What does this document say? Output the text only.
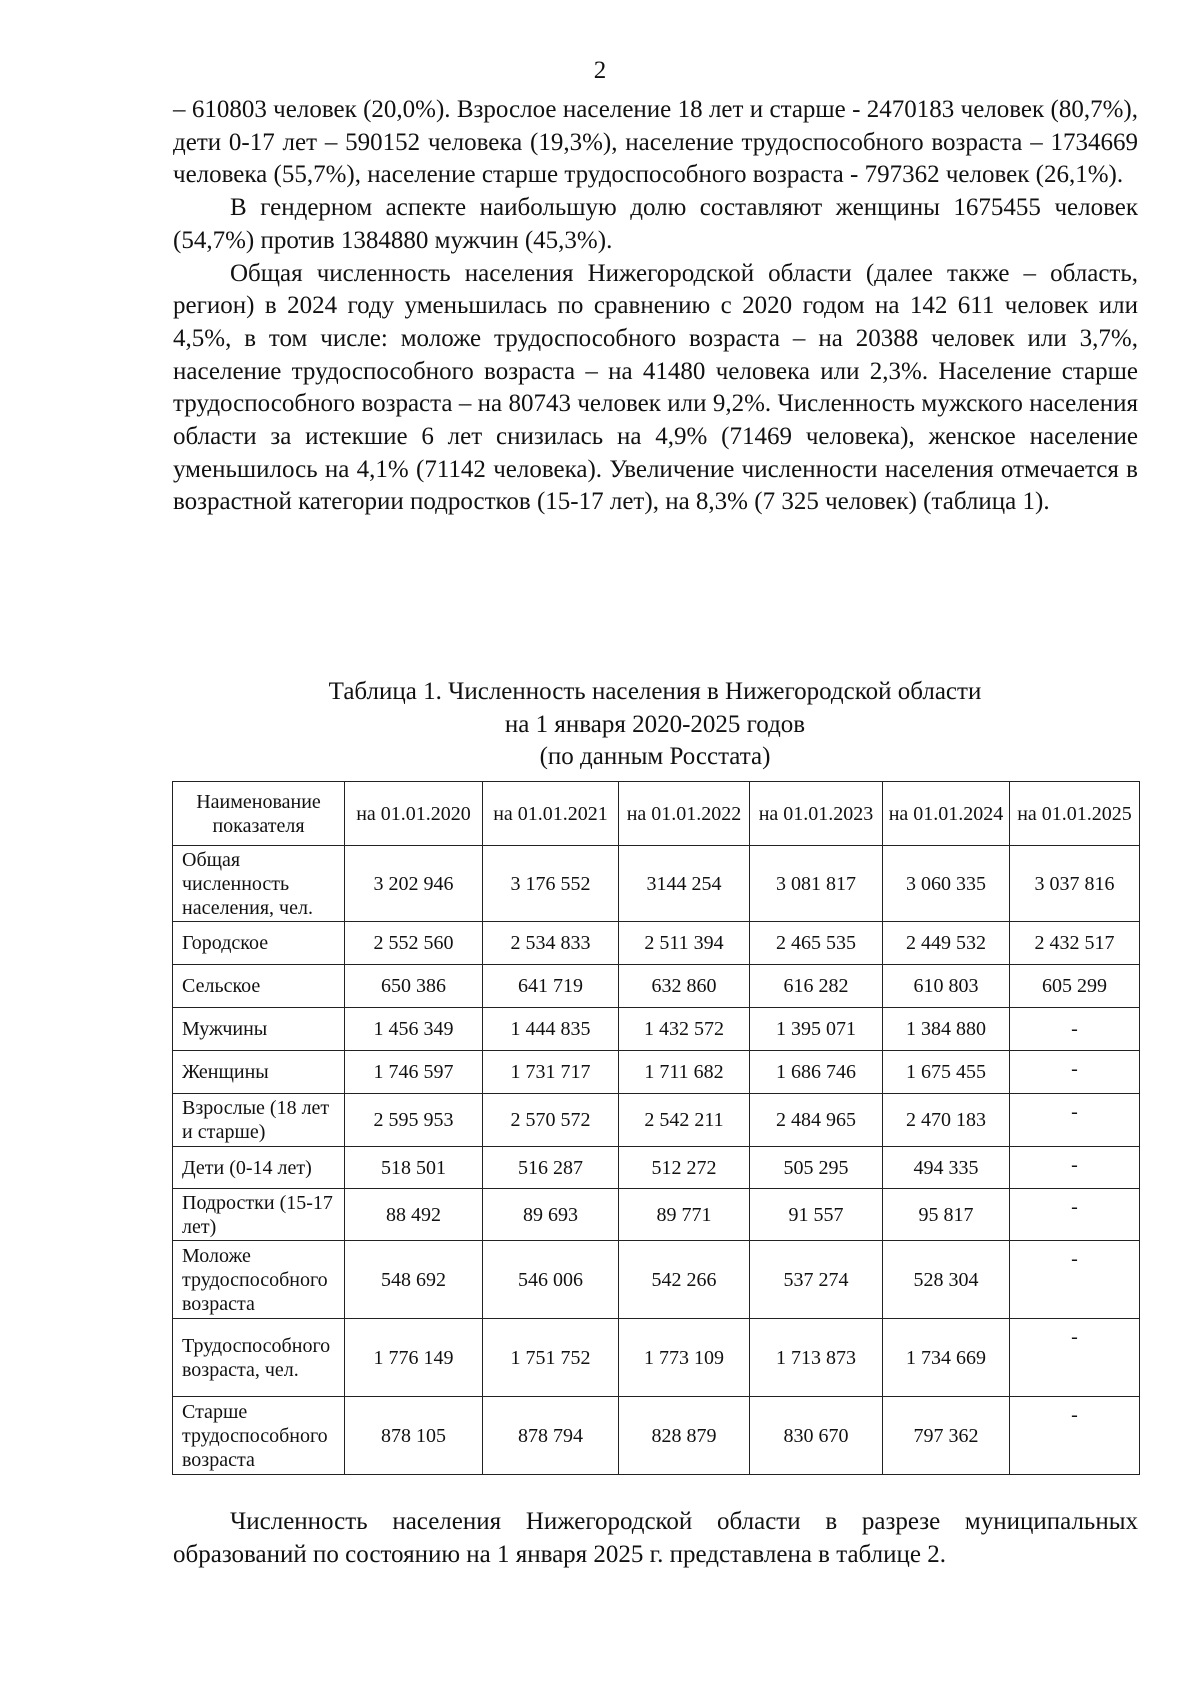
2

– 610803 человек (20,0%). Взрослое население 18 лет и старше - 2470183 человек (80,7%), дети 0-17 лет – 590152 человека (19,3%), население трудоспособного возраста – 1734669 человека (55,7%), население старше трудоспособного возраста - 797362 человек (26,1%).

В гендерном аспекте наибольшую долю составляют женщины 1675455 человек (54,7%) против 1384880 мужчин (45,3%).

Общая численность населения Нижегородской области (далее также – область, регион) в 2024 году уменьшилась по сравнению с 2020 годом на 142 611 человек или 4,5%, в том числе: моложе трудоспособного возраста – на 20388 человек или 3,7%, население трудоспособного возраста – на 41480 человека или 2,3%. Население старше трудоспособного возраста – на 80743 человек или 9,2%. Численность мужского населения области за истекшие 6 лет снизилась на 4,9% (71469 человека), женское население уменьшилось на 4,1% (71142 человека). Увеличение численности населения отмечается в возрастной категории подростков (15-17 лет), на 8,3% (7 325 человек) (таблица 1).

Таблица 1. Численность населения в Нижегородской области
на 1 января 2020-2025 годов
(по данным Росстата)
Наименование показателя	на 01.01.2020	на 01.01.2021	на 01.01.2022	на 01.01.2023	на 01.01.2024	на 01.01.2025
Общая численность населения, чел.	3 202 946	3 176 552	3144 254	3 081 817	3 060 335	3 037 816
Городское	2 552 560	2 534 833	2 511 394	2 465 535	2 449 532	2 432 517
Сельское	650 386	641 719	632 860	616 282	610 803	605 299
Мужчины	1 456 349	1 444 835	1 432 572	1 395 071	1 384 880	-
Женщины	1 746 597	1 731 717	1 711 682	1 686 746	1 675 455	-
Взрослые (18 лет и старше)	2 595 953	2 570 572	2 542 211	2 484 965	2 470 183	-
Дети (0-14 лет)	518 501	516 287	512 272	505 295	494 335	-
Подростки (15-17 лет)	88 492	89 693	89 771	91 557	95 817	-
Моложе трудоспособного возраста	548 692	546 006	542 266	537 274	528 304	-
Трудоспособного возраста, чел.	1 776 149	1 751 752	1 773 109	1 713 873	1 734 669	-
Старше трудоспособного возраста	878 105	878 794	828 879	830 670	797 362	-

Численность населения Нижегородской области в разрезе муниципальных образований по состоянию на 1 января 2025 г. представлена в таблице 2.
